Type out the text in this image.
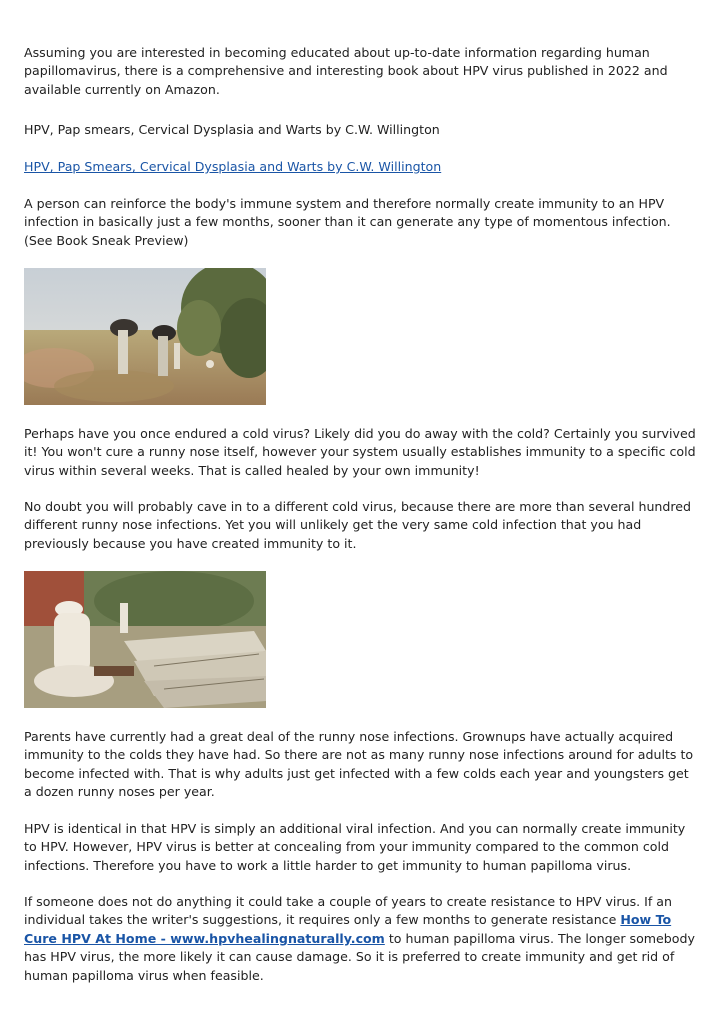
Assuming you are interested in becoming educated about up-to-date information regarding human papillomavirus, there is a comprehensive and interesting book about HPV virus published in 2022 and available currently on Amazon.

HPV, Pap smears, Cervical Dysplasia and Warts by C.W. Willington

HPV, Pap Smears, Cervical Dysplasia and Warts by C.W. Willington

A person can reinforce the body's immune system and therefore normally create immunity to an HPV infection in basically just a few months, sooner than it can generate any type of momentous infection. (See Book Sneak Preview)

Perhaps have you once endured a cold virus? Likely did you do away with the cold? Certainly you survived it! You won't cure a runny nose itself, however your system usually establishes immunity to a specific cold virus within several weeks. That is called healed by your own immunity!

No doubt you will probably cave in to a different cold virus, because there are more than several hundred different runny nose infections. Yet you will unlikely get the very same cold infection that you had previously because you have created immunity to it.

Parents have currently had a great deal of the runny nose infections. Grownups have actually acquired immunity to the colds they have had. So there are not as many runny nose infections around for adults to become infected with. That is why adults just get infected with a few colds each year and youngsters get a dozen runny noses per year.

HPV is identical in that HPV is simply an additional viral infection. And you can normally create immunity to HPV. However, HPV virus is better at concealing from your immunity compared to the common cold infections. Therefore you have to work a little harder to get immunity to human papilloma virus.

If someone does not do anything it could take a couple of years to create resistance to HPV virus. If an individual takes the writer's suggestions, it requires only a few months to generate resistance How To Cure HPV At Home - www.hpvhealingnaturally.com to human papilloma virus. The longer somebody has HPV virus, the more likely it can cause damage. So it is preferred to create immunity and get rid of human papilloma virus when feasible.
